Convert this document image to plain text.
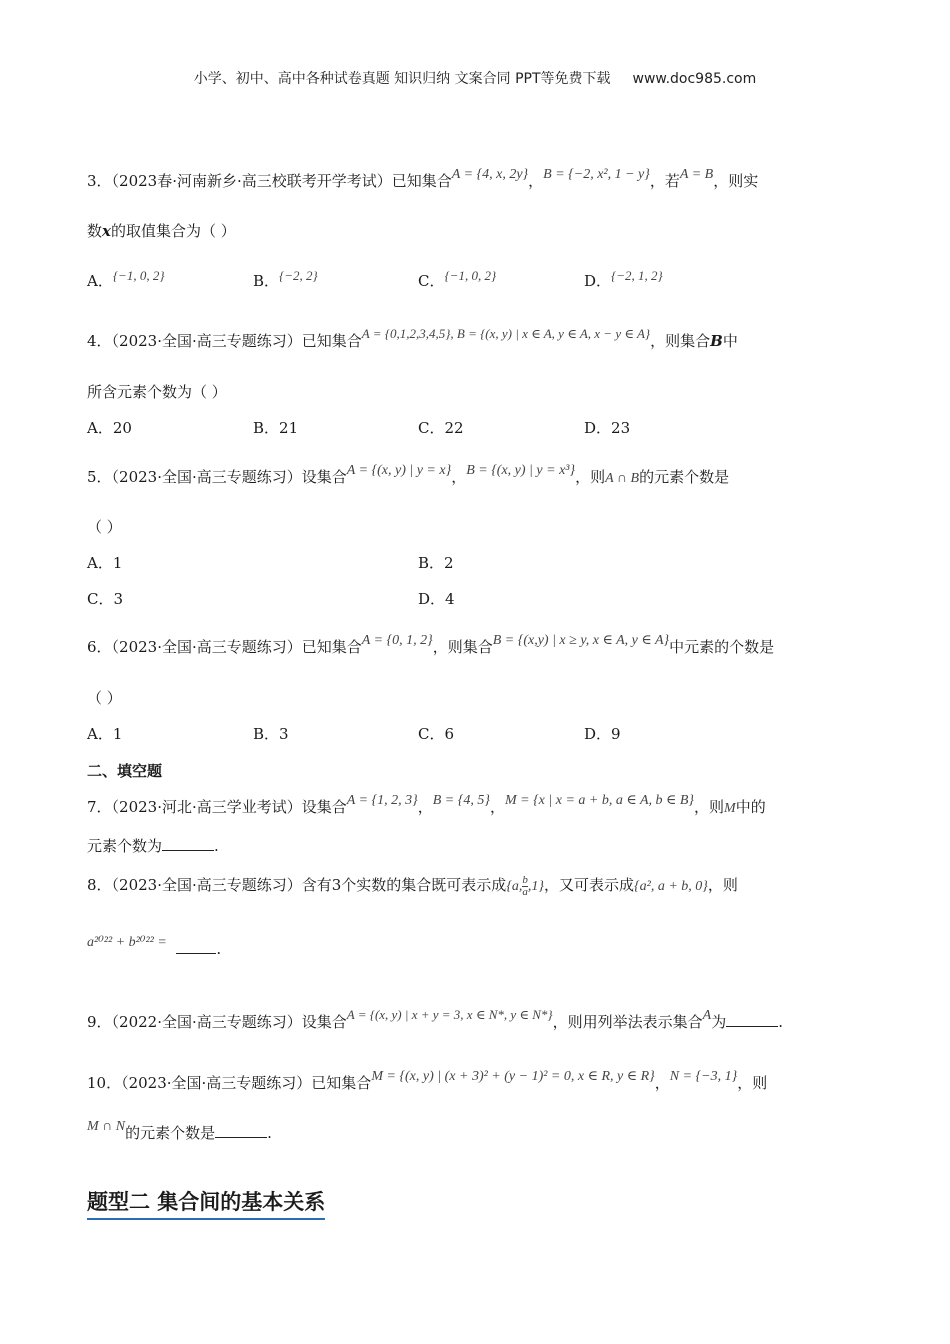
小学、初中、高中各种试卷真题 知识归纳 文案合同 PPT等免费下载 www.doc985.com
3．（2023春·河南新乡·高三校联考开学考试）已知集合A = {4, x, 2y}，B = {−2, x², 1 − y}，若A = B，则实
数x的取值集合为（ ）
A．{−1, 0, 2}	B．{−2, 2}	C．{−1, 0, 2}	D．{−2, 1, 2}
4．（2023·全国·高三专题练习）已知集合A = {0,1,2,3,4,5}, B = {(x, y) | x ∈ A, y ∈ A, x − y ∈ A}，则集合B中
所含元素个数为（ ）
A．20	B．21	C．22	D．23
5．（2023·全国·高三专题练习）设集合A = {(x, y) | y = x}，B = {(x, y) | y = x³}，则A ∩ B的元素个数是
（ ）
A．1	B．2
C．3	D．4
6．（2023·全国·高三专题练习）已知集合A = {0, 1, 2}，则集合B = {(x,y) | x ≥ y, x ∈ A, y ∈ A}中元素的个数是
（ ）
A．1	B．3	C．6	D．9
二、填空题
7．（2023·河北·高三学业考试）设集合A = {1, 2, 3}，B = {4, 5}，M = {x | x = a + b, a ∈ A, b ∈ B}，则M中的
元素个数为	.
8．（2023·全国·高三专题练习）含有3个实数的集合既可表示成{a, $\frac{b}{a} ,1$}，又可表示成{a², a + b, 0}，则
a²⁰²² + b²⁰²² =	.
9．（2022·全国·高三专题练习）设集合A = {(x, y) | x + y = 3, x ∈ N*, y ∈ N*}，则用列举法表示集合A为	.
10．（2023·全国·高三专题练习）已知集合M = {(x, y) | (x + 3)² + (y − 1)² = 0, x ∈ R, y ∈ R}，N = {−3, 1}，则
M ∩ N的元素个数是	.
题型二 集合间的基本关系
